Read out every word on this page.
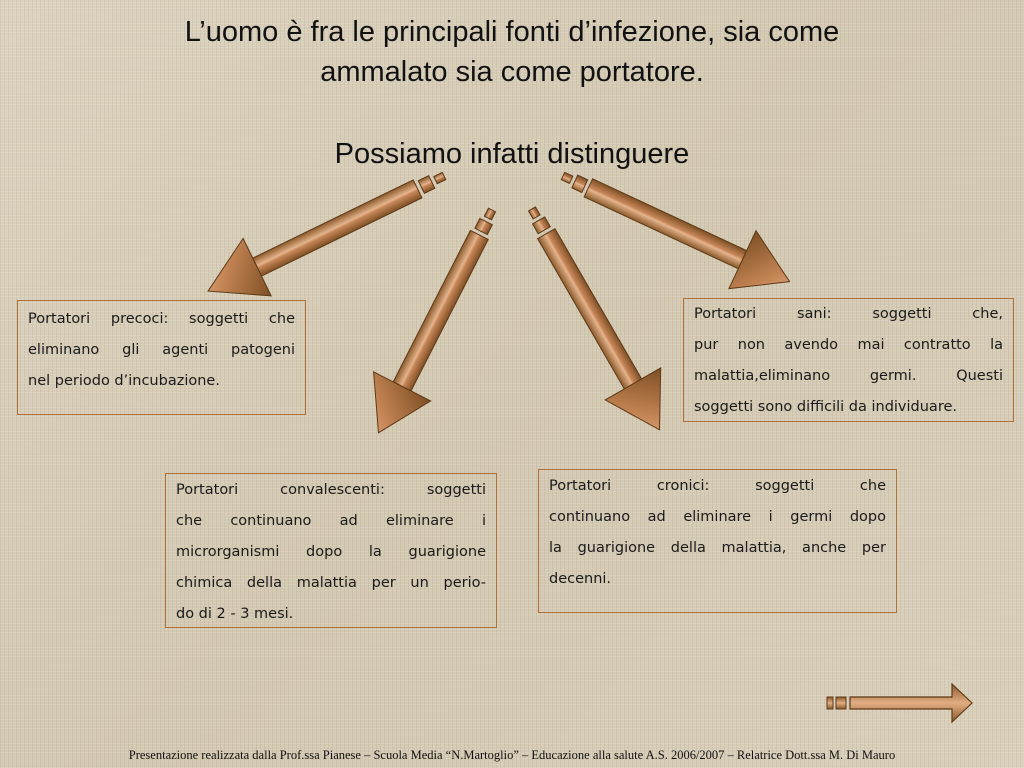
L’uomo è fra le principali fonti d’infezione, sia come
ammalato sia come portatore.
Possiamo infatti distinguere
Portatori precoci: soggetti che
eliminano gli agenti patogeni
nel periodo d’incubazione.
Portatori sani: soggetti che,
pur non avendo mai contratto la
malattia,eliminano germi. Questi
soggetti sono difficili da individuare.
Portatori convalescenti: soggetti
che continuano ad eliminare i
microrganismi dopo la guarigione
chimica della malattia per un perio-
do di 2 - 3 mesi.
Portatori cronici: soggetti che
continuano ad eliminare i germi dopo
la guarigione della malattia, anche per
decenni.
Presentazione realizzata dalla Prof.ssa Pianese – Scuola Media “N.Martoglio” – Educazione alla salute A.S. 2006/2007 – Relatrice Dott.ssa M. Di Mauro
